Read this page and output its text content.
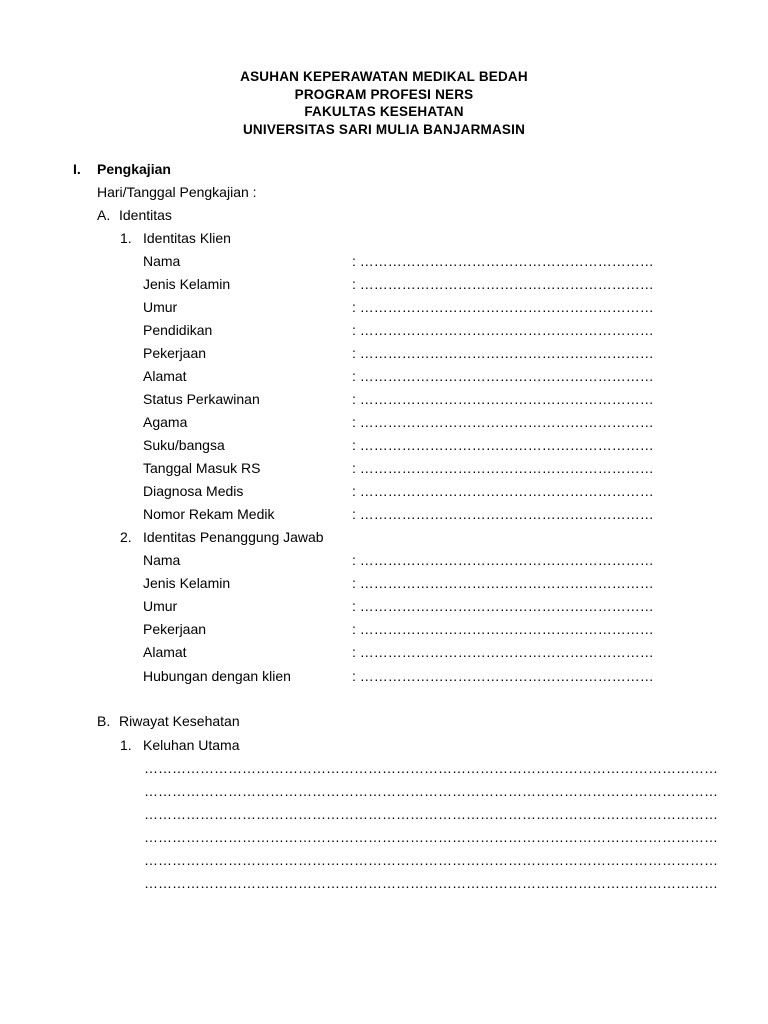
ASUHAN KEPERAWATAN MEDIKAL BEDAH
PROGRAM PROFESI NERS
FAKULTAS KESEHATAN
UNIVERSITAS SARI MULIA BANJARMASIN
I. Pengkajian
Hari/Tanggal Pengkajian :
A. Identitas
1. Identitas Klien
Nama	: ………………………………………………………
Jenis Kelamin	: ………………………………………………………
Umur	: ………………………………………………………
Pendidikan	: ………………………………………………………
Pekerjaan	: ………………………………………………………
Alamat	: ………………………………………………………
Status Perkawinan	: ………………………………………………………
Agama	: ………………………………………………………
Suku/bangsa	: ………………………………………………………
Tanggal Masuk RS	: ………………………………………………………
Diagnosa Medis	: ………………………………………………………
Nomor Rekam Medik	: ………………………………………………………
2. Identitas Penanggung Jawab
Nama	: ………………………………………………………
Jenis Kelamin	: ………………………………………………………
Umur	: ………………………………………………………
Pekerjaan	: ………………………………………………………
Alamat	: ………………………………………………………
Hubungan dengan klien	: ………………………………………………………
B. Riwayat Kesehatan
1. Keluhan Utama
……………………………………………………………………………………………………………
……………………………………………………………………………………………………………
……………………………………………………………………………………………………………
……………………………………………………………………………………………………………
……………………………………………………………………………………………………………
……………………………………………………………………………………………………………
